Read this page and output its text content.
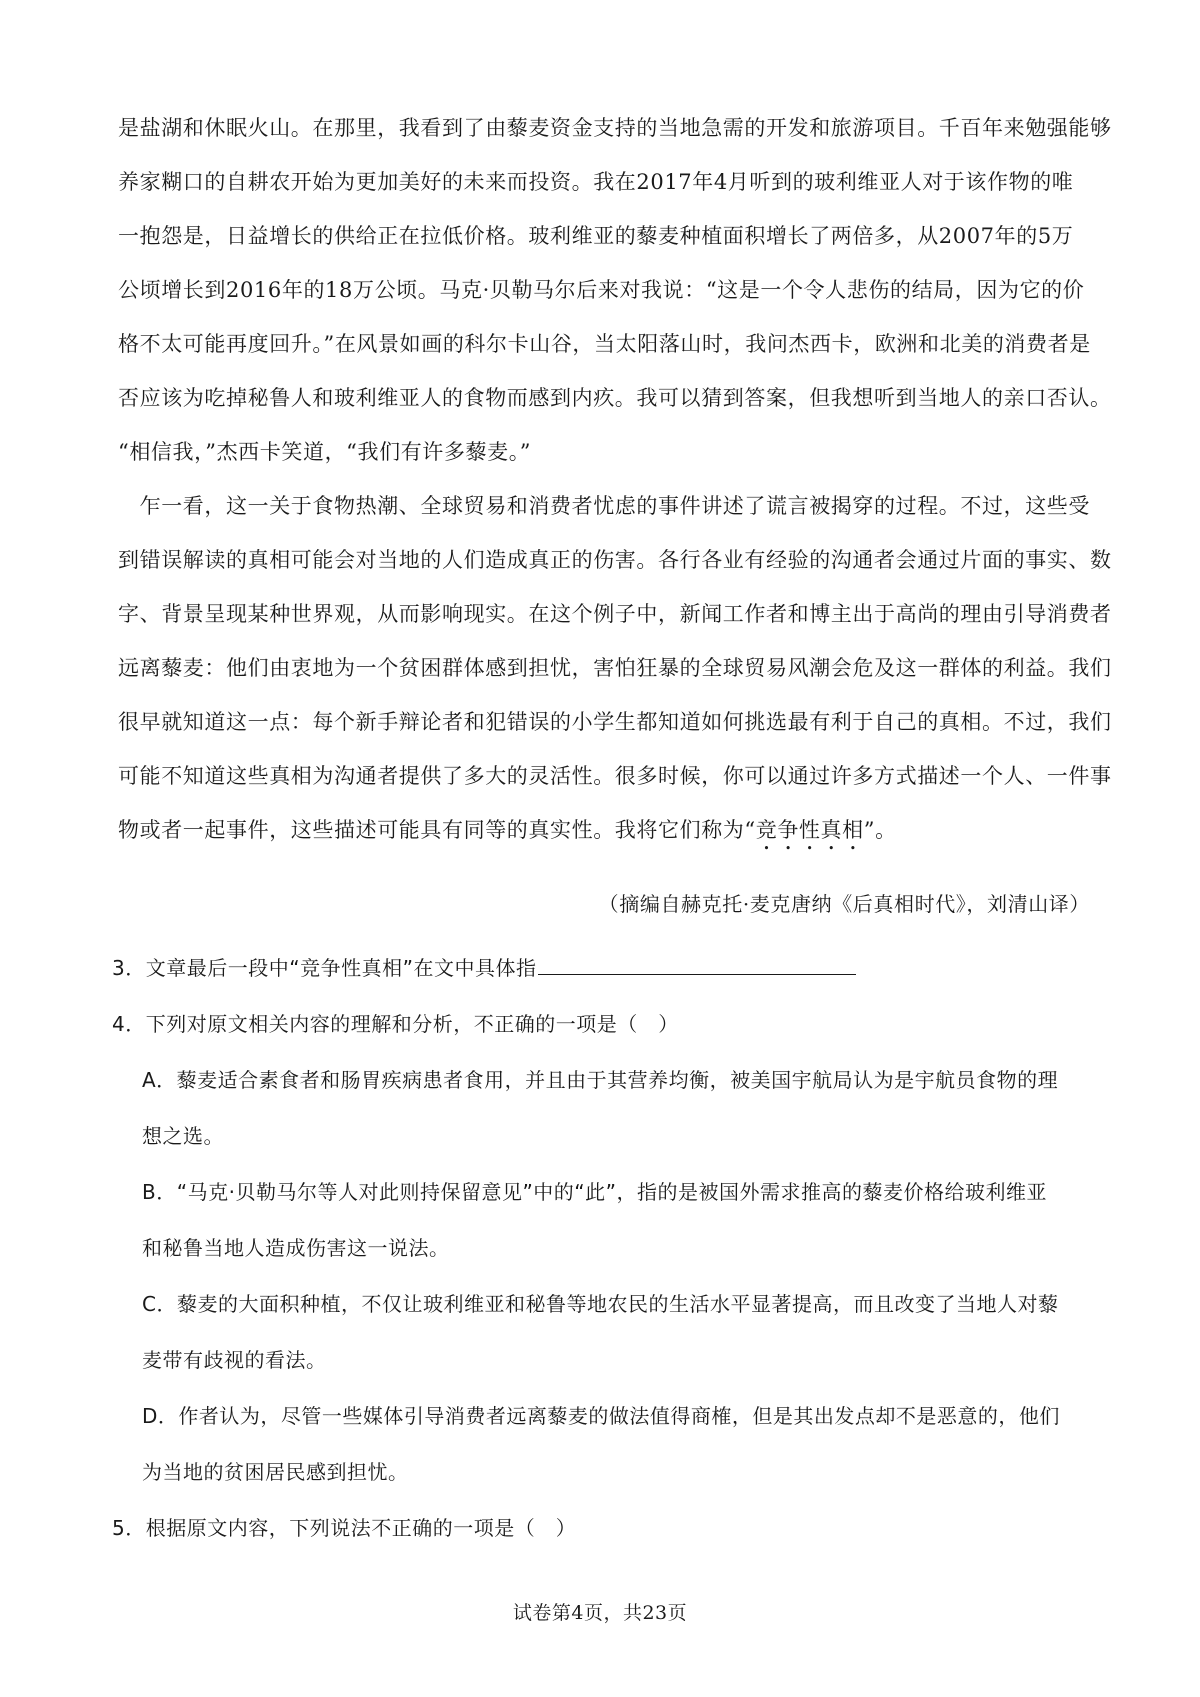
是盐湖和休眠火山。在那里，我看到了由藜麦资金支持的当地急需的开发和旅游项目。千百年来勉强能够
养家糊口的自耕农开始为更加美好的未来而投资。我在2017年4月听到的玻利维亚人对于该作物的唯
一抱怨是，日益增长的供给正在拉低价格。玻利维亚的藜麦种植面积增长了两倍多，从2007年的5万
公顷增长到2016年的18万公顷。马克·贝勒马尔后来对我说：“这是一个令人悲伤的结局，因为它的价
格不太可能再度回升。”在风景如画的科尔卡山谷，当太阳落山时，我问杰西卡，欧洲和北美的消费者是
否应该为吃掉秘鲁人和玻利维亚人的食物而感到内疚。我可以猜到答案，但我想听到当地人的亲口否认。
“相信我，”杰西卡笑道，“我们有许多藜麦。”
　乍一看，这一关于食物热潮、全球贸易和消费者忧虑的事件讲述了谎言被揭穿的过程。不过，这些受
到错误解读的真相可能会对当地的人们造成真正的伤害。各行各业有经验的沟通者会通过片面的事实、数
字、背景呈现某种世界观，从而影响现实。在这个例子中，新闻工作者和博主出于高尚的理由引导消费者
远离藜麦：他们由衷地为一个贫困群体感到担忧，害怕狂暴的全球贸易风潮会危及这一群体的利益。我们
很早就知道这一点：每个新手辩论者和犯错误的小学生都知道如何挑选最有利于自己的真相。不过，我们
可能不知道这些真相为沟通者提供了多大的灵活性。很多时候，你可以通过许多方式描述一个人、一件事
物或者一起事件，这些描述可能具有同等的真实性。我将它们称为“竞争性真相”。
（摘编自赫克托·麦克唐纳《后真相时代》，刘清山译）
3．文章最后一段中“竞争性真相”在文中具体指
4．下列对原文相关内容的理解和分析，不正确的一项是（　）
A．藜麦适合素食者和肠胃疾病患者食用，并且由于其营养均衡，被美国宇航局认为是宇航员食物的理
想之选。
B．“马克·贝勒马尔等人对此则持保留意见”中的“此”，指的是被国外需求推高的藜麦价格给玻利维亚
和秘鲁当地人造成伤害这一说法。
C．藜麦的大面积种植，不仅让玻利维亚和秘鲁等地农民的生活水平显著提高，而且改变了当地人对藜
麦带有歧视的看法。
D．作者认为，尽管一些媒体引导消费者远离藜麦的做法值得商榷，但是其出发点却不是恶意的，他们
为当地的贫困居民感到担忧。
5．根据原文内容，下列说法不正确的一项是（　）
试卷第4页，共23页
